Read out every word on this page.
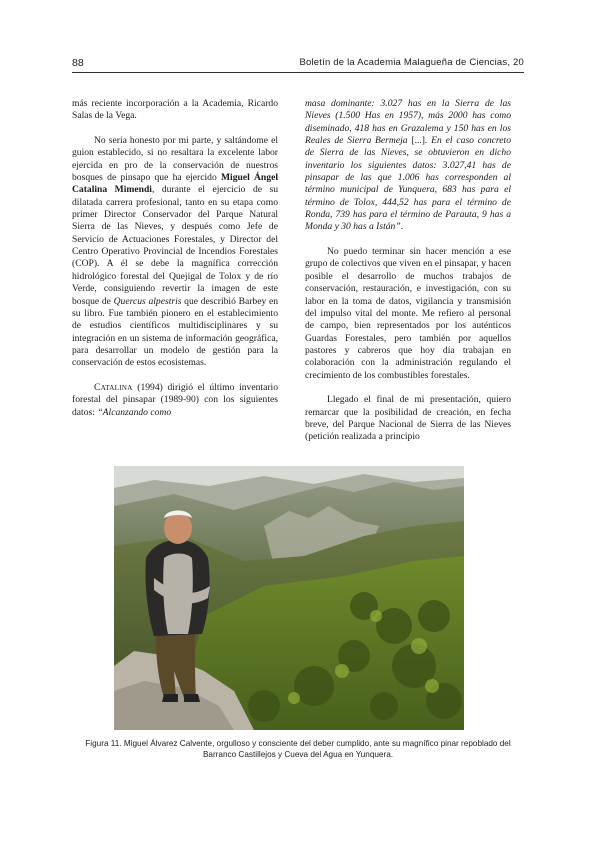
88	Boletín de la Academia Malagueña de Ciencias, 20

más reciente incorporación a la Academia, Ricardo Salas de la Vega.

No sería honesto por mi parte, y saltándome el guion establecido, si no resaltara la excelente labor ejercida en pro de la conservación de nuestros bosques de pinsapo que ha ejercido Miguel Ángel Catalina Mimendi, durante el ejercicio de su dilatada carrera profesional, tanto en su etapa como primer Director Conservador del Parque Natural Sierra de las Nieves, y después como Jefe de Servicio de Actuaciones Forestales, y Director del Centro Operativo Provincial de Incendios Forestales (COP). A él se debe la magnífica corrección hidrológico forestal del Quejigal de Tolox y de río Verde, consiguiendo revertir la imagen de este bosque de Quercus alpestris que describió Barbey en su libro. Fue también pionero en el establecimiento de estudios científicos multidisciplinares y su integración en un sistema de información geográfica, para desarrollar un modelo de gestión para la conservación de estos ecosistemas.

Catalina (1994) dirigió el último inventario forestal del pinsapar (1989-90) con los siguientes datos: “Alcanzando como

masa dominante: 3.027 has en la Sierra de las Nieves (1.500 Has en 1957), más 2000 has como diseminado, 418 has en Grazalema y 150 has en los Reales de Sierra Bermeja [...]. En el caso concreto de Sierra de las Nieves, se obtuvieron en dicho inventario los siguientes datos: 3.027,41 has de pinsapar de las que 1.006 has corresponden al término municipal de Yunquera, 683 has para el término de Tolox, 444,52 has para el término de Ronda, 739 has para el término de Parauta, 9 has a Monda y 30 has a Istán”.

No puedo terminar sin hacer mención a ese grupo de colectivos que viven en el pinsapar, y hacen posible el desarrollo de muchos trabajos de conservación, restauración, e investigación, con su labor en la toma de datos, vigilancia y transmisión del impulso vital del monte. Me refiero al personal de campo, bien representados por los auténticos Guardas Forestales, pero también por aquellos pastores y cabreros que hoy día trabajan en colaboración con la administración regulando el crecimiento de los combustibles forestales.

Llegado el final de mi presentación, quiero remarcar que la posibilidad de creación, en fecha breve, del Parque Nacional de Sierra de las Nieves (petición realizada a principio

Figura 11. Miguel Álvarez Calvente, orgulloso y consciente del deber cumplido, ante su magnífico pinar repoblado del Barranco Castillejos y Cueva del Agua en Yunquera.
